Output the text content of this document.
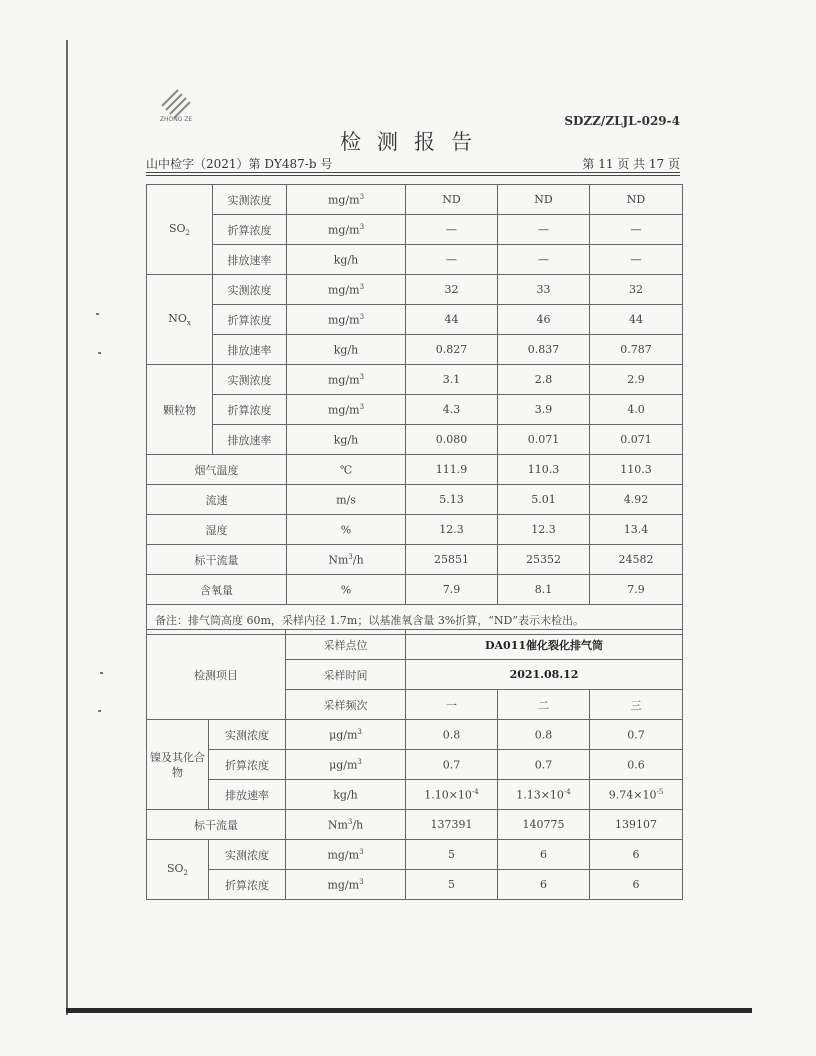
ZHONG ZE	SDZZ/ZLJL-029-4
检测报告
山中检字（2021）第 DY487-b 号	第 11 页 共 17 页
$SO_2$	实测浓度	$mg/m^3$	ND	ND	ND
	折算浓度	$mg/m^3$	—	—	—
	排放速率	kg/h	—	—	—
$NO_x$	实测浓度	$mg/m^3$	32	33	32
	折算浓度	$mg/m^3$	44	46	44
	排放速率	kg/h	0.827	0.837	0.787
颗粒物	实测浓度	$mg/m^3$	3.1	2.8	2.9
	折算浓度	$mg/m^3$	4.3	3.9	4.0
	排放速率	kg/h	0.080	0.071	0.071
烟气温度		℃	111.9	110.3	110.3
流速		m/s	5.13	5.01	4.92
湿度		%	12.3	12.3	13.4
标干流量		Nm$^3$/h	25851	25352	24582
含氧量		%	7.9	8.1	7.9
备注：排气筒高度 60m，采样内径 1.7m；以基准氧含量 3%折算，“ND”表示未检出。					
检测项目		采样点位	DA011催化裂化排气筒		
		采样时间	2021.08.12		
		采样频次	一	二	三
镍及其化合物	实测浓度	$\mu g/m^3$	0.8	0.8	0.7
	折算浓度	$\mu g/m^3$	0.7	0.7	0.6
	排放速率	kg/h	$1.10\times 10^{-4}$	$1.13\times 10^{-4}$	$9.74\times 10^{-5}$
标干流量		Nm$^3$/h	137391	140775	139107
$SO_2$	实测浓度	$mg/m^3$	5	6	6
	折算浓度	$mg/m^3$	5	6	6
